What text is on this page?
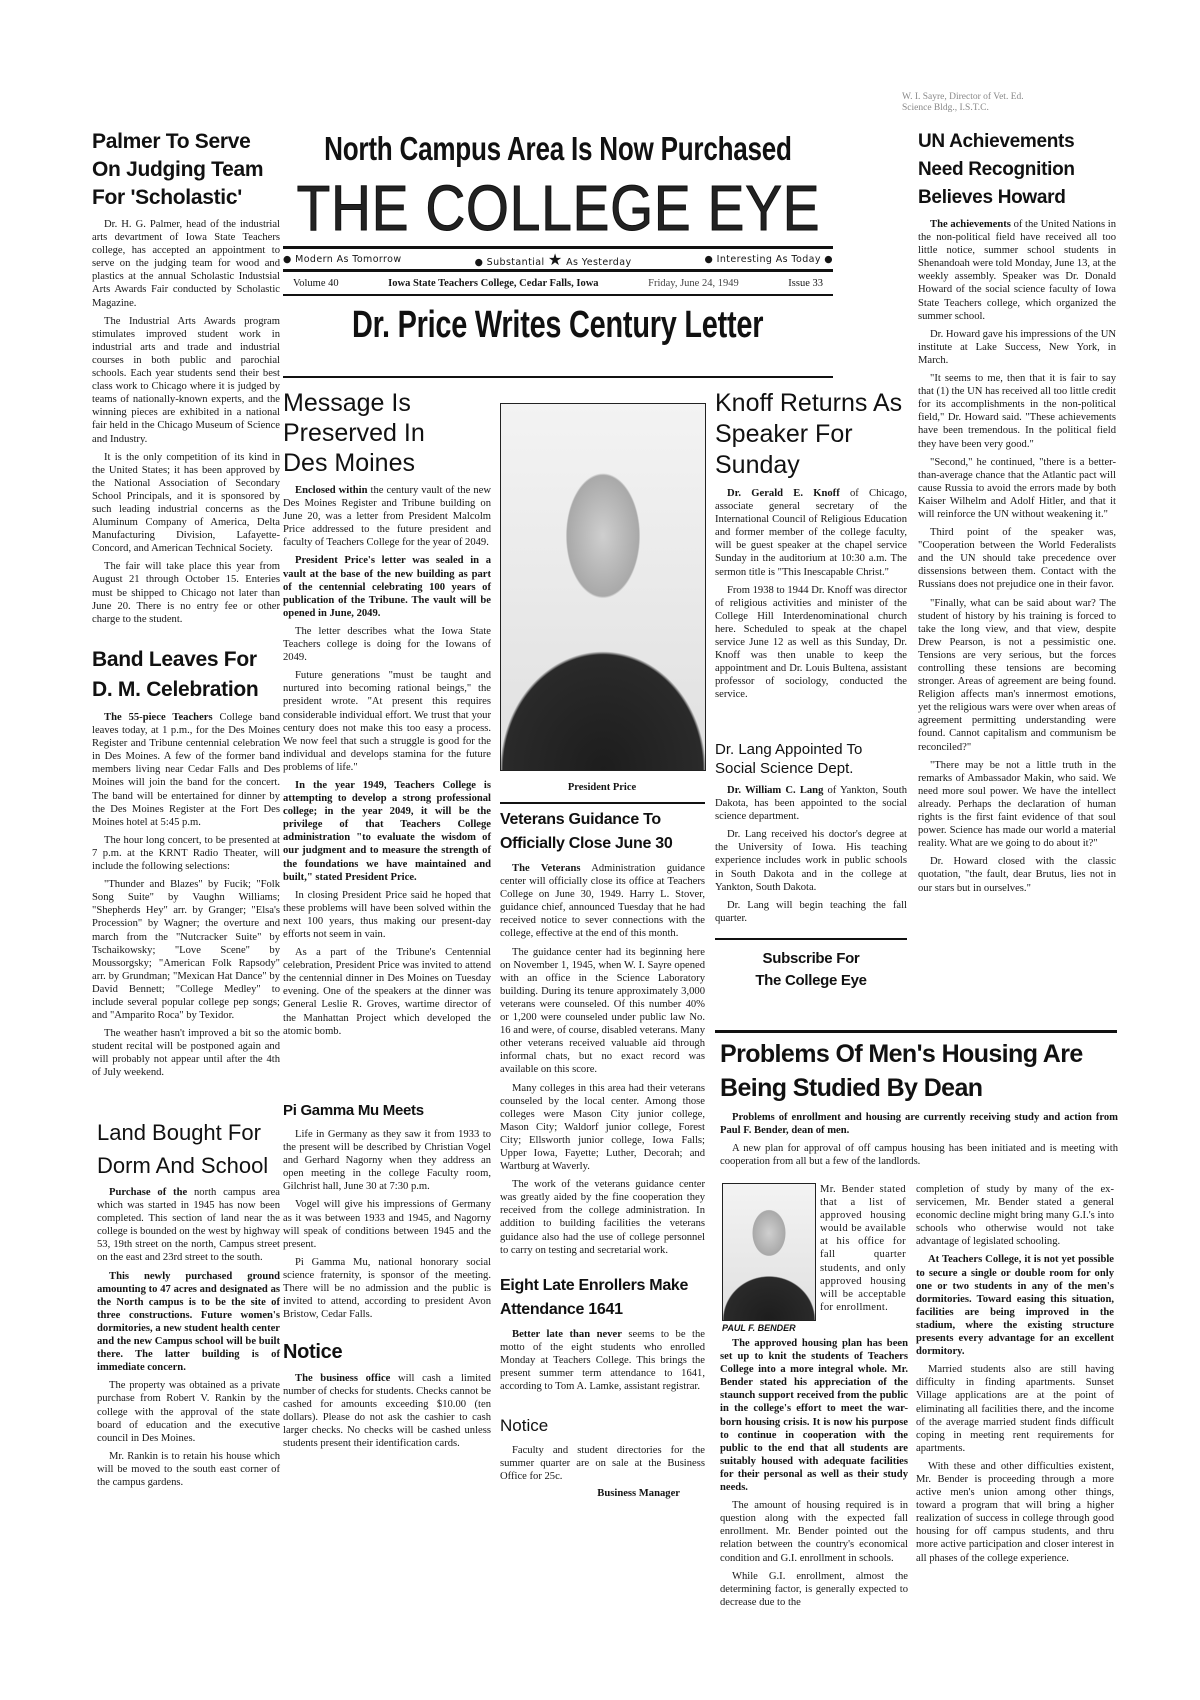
W. I. Sayre, Director of Vet. Ed.
Science Bldg., I.S.T.C.
North Campus Area Is Now Purchased
THE COLLEGE EYE
● Modern As Tomorrow	● Substantial ★ As Yesterday	● Interesting As Today ●
Volume 40	Iowa State Teachers College, Cedar Falls, Iowa	Friday, June 24, 1949	Issue 33
Dr. Price Writes Century Letter
Palmer To Serve On Judging Team For 'Scholastic'

Dr. H. G. Palmer, head of the industrial arts devartment of Iowa State Teachers college, has accepted an appointment to serve on the judging team for wood and plastics at the annual Scholastic Industsial Arts Awards Fair conducted by Scholastic Magazine.

The Industrial Arts Awards program stimulates improved student work in industrial arts and trade and industrial courses in both public and parochial schools. Each year students send their best class work to Chicago where it is judged by teams of nationally-known experts, and the winning pieces are exhibited in a national fair held in the Chicago Museum of Science and Industry.

It is the only competition of its kind in the United States; it has been approved by the National Association of Secondary School Principals, and it is sponsored by such leading industrial concerns as the Aluminum Company of America, Delta Manufacturing Division, Lafayette-Concord, and American Technical Society.

The fair will take place this year from August 21 through October 15. Enteries must be shipped to Chicago not later than June 20. There is no entry fee or other charge to the student.

Band Leaves For D. M. Celebration

The 55-piece Teachers College band leaves today, at 1 p.m., for the Des Moines Register and Tribune centennial celebration in Des Moines. A few of the former band members living near Cedar Falls and Des Moines will join the band for the concert. The band will be entertained for dinner by the Des Moines Register at the Fort Des Moines hotel at 5:45 p.m.

The hour long concert, to be presented at 7 p.m. at the KRNT Radio Theater, will include the following selections:

"Thunder and Blazes" by Fucik; "Folk Song Suite" by Vaughn Williams; "Shepherds Hey" arr. by Granger; "Elsa's Procession" by Wagner; the overture and march from the "Nutcracker Suite" by Tschaikowsky; "Love Scene" by Moussorgsky; "American Folk Rapsody" arr. by Grundman; "Mexican Hat Dance" by David Bennett; "College Medley" to include several popular college pep songs; and "Amparito Roca" by Texidor.

The weather hasn't improved a bit so the student recital will be postponed again and will probably not appear until after the 4th of July weekend.

Land Bought For Dorm And School

Purchase of the north campus area which was started in 1945 has now been completed. This section of land near the college is bounded on the west by highway 53, 19th street on the north, Campus street on the east and 23rd street to the south.

This newly purchased ground amounting to 47 acres and designated as the North campus is to be the site of three constructions. Future women's dormitories, a new student health center and the new Campus school will be built there. The latter building is of immediate concern.

The property was obtained as a private purchase from Robert V. Rankin by the college with the approval of the state board of education and the executive council in Des Moines.

Mr. Rankin is to retain his house which will be moved to the south east corner of the campus gardens.

Message Is Preserved In Des Moines

Enclosed within the century vault of the new Des Moines Register and Tribune building on June 20, was a letter from President Malcolm Price addressed to the future president and faculty of Teachers College for the year of 2049.

President Price's letter was sealed in a vault at the base of the new building as part of the centennial celebrating 100 years of publication of the Tribune. The vault will be opened in June, 2049.

The letter describes what the Iowa State Teachers college is doing for the Iowans of 2049.

Future generations "must be taught and nurtured into becoming rational beings," the president wrote. "At present this requires considerable individual effort. We trust that your century does not make this too easy a process. We now feel that such a struggle is good for the individual and develops stamina for the future problems of life."

In the year 1949, Teachers College is attempting to develop a strong professional college; in the year 2049, it will be the privilege of that Teachers College administration "to evaluate the wisdom of our judgment and to measure the strength of the foundations we have maintained and built," stated President Price.

In closing President Price said he hoped that these problems will have been solved within the next 100 years, thus making our present-day efforts not seem in vain.

As a part of the Tribune's Centennial celebration, President Price was invited to attend the centennial dinner in Des Moines on Tuesday evening. One of the speakers at the dinner was General Leslie R. Groves, wartime director of the Manhattan Project which developed the atomic bomb.

Pi Gamma Mu Meets

Life in Germany as they saw it from 1933 to the present will be described by Christian Vogel and Gerhard Nagorny when they address an open meeting in the college Faculty room, Gilchrist hall, June 30 at 7:30 p.m.

Vogel will give his impressions of Germany as it was between 1933 and 1945, and Nagorny will speak of conditions between 1945 and the present.

Pi Gamma Mu, national honorary social science fraternity, is sponsor of the meeting. There will be no admission and the public is invited to attend, according to president Avon Bristow, Cedar Falls.

Notice

The business office will cash a limited number of checks for students. Checks cannot be cashed for amounts exceeding $10.00 (ten dollars). Please do not ask the cashier to cash larger checks. No checks will be cashed unless students present their identification cards.

President Price
Veterans Guidance To Officially Close June 30

The Veterans Administration guidance center will officially close its office at Teachers College on June 30, 1949. Harry L. Stover, guidance chief, announced Tuesday that he had received notice to sever connections with the college, effective at the end of this month.

The guidance center had its beginning here on November 1, 1945, when W. I. Sayre opened with an office in the Science Laboratory building. During its tenure approximately 3,000 veterans were counseled. Of this number 40% or 1,200 were counseled under public law No. 16 and were, of course, disabled veterans. Many other veterans received valuable aid through informal chats, but no exact record was available on this score.

Many colleges in this area had their veterans counseled by the local center. Among those colleges were Mason City junior college, Mason City; Waldorf junior college, Forest City; Ellsworth junior college, Iowa Falls; Upper Iowa, Fayette; Luther, Decorah; and Wartburg at Waverly.

The work of the veterans guidance center was greatly aided by the fine cooperation they received from the college administration. In addition to building facilities the veterans guidance also had the use of college personnel to carry on testing and secretarial work.

Eight Late Enrollers Make Attendance 1641

Better late than never seems to be the motto of the eight students who enrolled Monday at Teachers College. This brings the present summer term attendance to 1641, according to Tom A. Lamke, assistant registrar.

Notice

Faculty and student directories for the summer quarter are on sale at the Business Office for 25c.

Business Manager
Knoff Returns As Speaker For Sunday

Dr. Gerald E. Knoff of Chicago, associate general secretary of the International Council of Religious Education and former member of the college faculty, will be guest speaker at the chapel service Sunday in the auditorium at 10:30 a.m. The sermon title is "This Inescapable Christ."

From 1938 to 1944 Dr. Knoff was director of religious activities and minister of the College Hill Interdenominational church here. Scheduled to speak at the chapel service June 12 as well as this Sunday, Dr. Knoff was then unable to keep the appointment and Dr. Louis Bultena, assistant professor of sociology, conducted the service.

Dr. Lang Appointed To Social Science Dept.

Dr. William C. Lang of Yankton, South Dakota, has been appointed to the social science department.

Dr. Lang received his doctor's degree at the University of Iowa. His teaching experience includes work in public schools in South Dakota and in the college at Yankton, South Dakota.

Dr. Lang will begin teaching the fall quarter.

Subscribe For
The College Eye
UN Achievements Need Recognition Believes Howard

The achievements of the United Nations in the non-political field have received all too little notice, summer school students in Shenandoah were told Monday, June 13, at the weekly assembly. Speaker was Dr. Donald Howard of the social science faculty of Iowa State Teachers college, which organized the summer school.

Dr. Howard gave his impressions of the UN institute at Lake Success, New York, in March.

"It seems to me, then that it is fair to say that (1) the UN has received all too little credit for its accomplishments in the non-political field," Dr. Howard said. "These achievements have been tremendous. In the political field they have been very good."

"Second," he continued, "there is a better-than-average chance that the Atlantic pact will cause Russia to avoid the errors made by both Kaiser Wilhelm and Adolf Hitler, and that it will reinforce the UN without weakening it."

Third point of the speaker was, "Cooperation between the World Federalists and the UN should take precedence over dissensions between them. Contact with the Russians does not prejudice one in their favor.

"Finally, what can be said about war? The student of history by his training is forced to take the long view, and that view, despite Drew Pearson, is not a pessimistic one. Tensions are very serious, but the forces controlling these tensions are becoming stronger. Areas of agreement are being found. Religion affects man's innermost emotions, yet the religious wars were over when areas of agreement permitting understanding were found. Cannot capitalism and communism be reconciled?"

"There may be not a little truth in the remarks of Ambassador Makin, who said. We need more soul power. We have the intellect already. Perhaps the declaration of human rights is the first faint evidence of that soul power. Science has made our world a material reality. What are we going to do about it?"

Dr. Howard closed with the classic quotation, "the fault, dear Brutus, lies not in our stars but in ourselves."

Problems Of Men's Housing Are Being Studied By Dean

Problems of enrollment and housing are currently receiving study and action from Paul F. Bender, dean of men.

A new plan for approval of off campus housing has been initiated and is meeting with cooperation from all but a few of the landlords.

PAUL F. BENDER

Mr. Bender stated that a list of approved housing would be available at his office for fall quarter students, and only approved housing will be acceptable for enrollment.

The approved housing plan has been set up to knit the students of Teachers College into a more integral whole. Mr. Bender stated his appreciation of the staunch support received from the public in the college's effort to meet the war-born housing crisis. It is now his purpose to continue in cooperation with the public to the end that all students are suitably housed with adequate facilities for their personal as well as their study needs.

The amount of housing required is in question along with the expected fall enrollment. Mr. Bender pointed out the relation between the country's economical condition and G.I. enrollment in schools.

While G.I. enrollment, almost the determining factor, is generally expected to decrease due to the

completion of study by many of the ex-servicemen, Mr. Bender stated a general economic decline might bring many G.I.'s into schools who otherwise would not take advantage of legislated schooling.

At Teachers College, it is not yet possible to secure a single or double room for only one or two students in any of the men's dormitories. Toward easing this situation, facilities are being improved in the stadium, where the existing structure presents every advantage for an excellent dormitory.

Married students also are still having difficulty in finding apartments. Sunset Village applications are at the point of eliminating all facilities there, and the income of the average married student finds difficult coping in meeting rent requirements for apartments.

With these and other difficulties existent, Mr. Bender is proceeding through a more active men's union among other things, toward a program that will bring a higher realization of success in college through good housing for off campus students, and thru more active participation and closer interest in all phases of the college experience.
